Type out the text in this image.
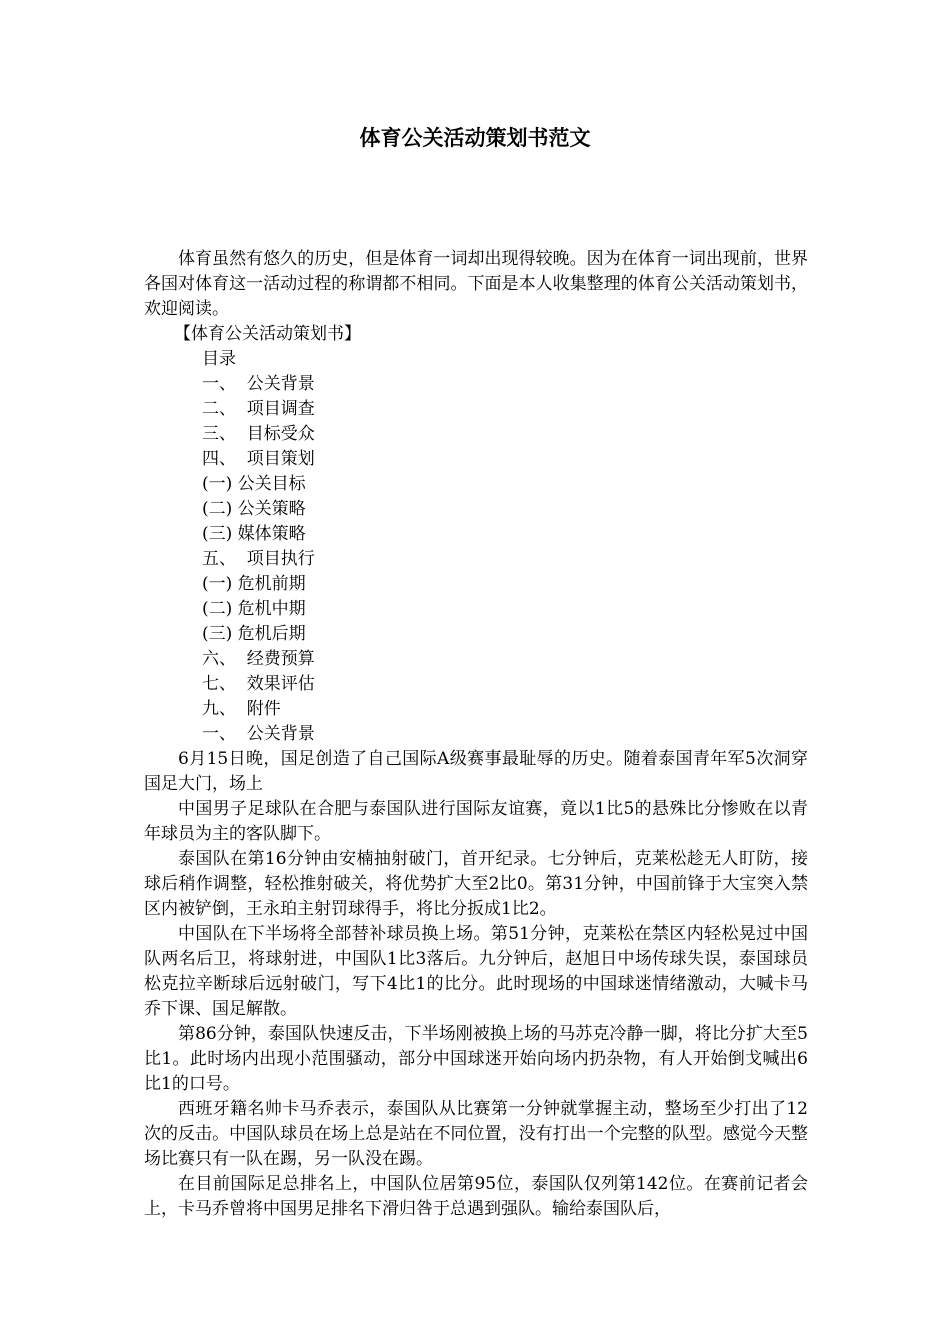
体育公关活动策划书范文

体育虽然有悠久的历史，但是体育一词却出现得较晚。因为在体育一词出现前，世界各国对体育这一活动过程的称谓都不相同。下面是本人收集整理的体育公关活动策划书，欢迎阅读。

【体育公关活动策划书】
目录
一、  公关背景
二、  项目调查
三、  目标受众
四、  项目策划
(一) 公关目标
(二) 公关策略
(三) 媒体策略
五、  项目执行
(一) 危机前期
(二) 危机中期
(三) 危机后期
六、  经费预算
七、  效果评估
九、  附件
一、  公关背景

6月15日晚，国足创造了自己国际A级赛事最耻辱的历史。随着泰国青年军5次洞穿国足大门，场上

中国男子足球队在合肥与泰国队进行国际友谊赛，竟以1比5的悬殊比分惨败在以青年球员为主的客队脚下。

泰国队在第16分钟由安楠抽射破门，首开纪录。七分钟后，克莱松趁无人盯防，接球后稍作调整，轻松推射破关，将优势扩大至2比0。第31分钟，中国前锋于大宝突入禁区内被铲倒，王永珀主射罚球得手，将比分扳成1比2。

中国队在下半场将全部替补球员换上场。第51分钟，克莱松在禁区内轻松晃过中国队两名后卫，将球射进，中国队1比3落后。九分钟后，赵旭日中场传球失误，泰国球员松克拉辛断球后远射破门，写下4比1的比分。此时现场的中国球迷情绪激动，大喊卡马乔下课、国足解散。

第86分钟，泰国队快速反击，下半场刚被换上场的马苏克冷静一脚，将比分扩大至5比1。此时场内出现小范围骚动，部分中国球迷开始向场内扔杂物，有人开始倒戈喊出6比1的口号。

西班牙籍名帅卡马乔表示，泰国队从比赛第一分钟就掌握主动，整场至少打出了12次的反击。中国队球员在场上总是站在不同位置，没有打出一个完整的队型。感觉今天整场比赛只有一队在踢，另一队没在踢。

在目前国际足总排名上，中国队位居第95位，泰国队仅列第142位。在赛前记者会上，卡马乔曾将中国男足排名下滑归咎于总遇到强队。输给泰国队后，
